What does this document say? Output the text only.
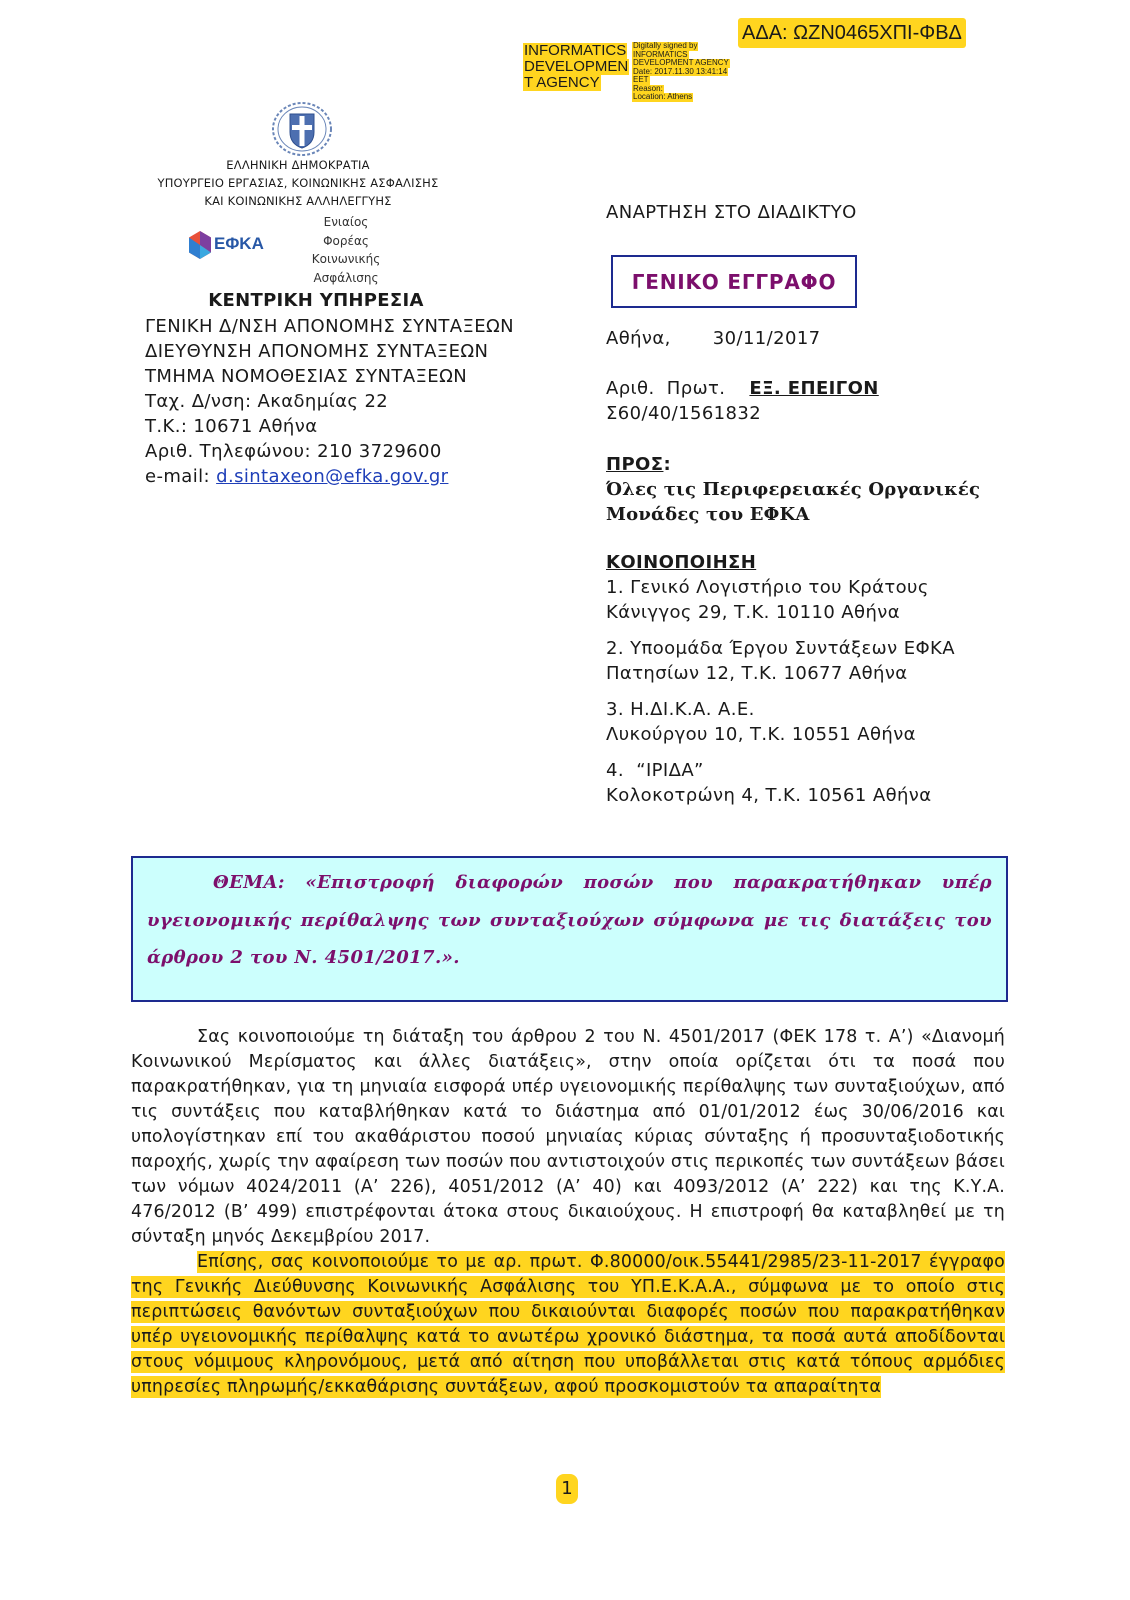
ΑΔΑ: ΩΖΝ0465ΧΠΙ-ΦΒΔ
INFORMATICS
DEVELOPMEN
T AGENCY
Digitally signed by
INFORMATICS
DEVELOPMENT AGENCY
Date: 2017.11.30 13:41:14
EET
Reason:
Location: Athens
ΕΛΛΗΝΙΚΗ ΔΗΜΟΚΡΑΤΙΑ
ΥΠΟΥΡΓΕΙΟ ΕΡΓΑΣΙΑΣ, ΚΟΙΝΩΝΙΚΗΣ ΑΣΦΑΛΙΣΗΣ
ΚΑΙ ΚΟΙΝΩΝΙΚΗΣ ΑΛΛΗΛΕΓΓΥΗΣ
ΕΦΚΑ
Ενιαίος
Φορέας
Κοινωνικής
Ασφάλισης
ΚΕΝΤΡΙΚΗ ΥΠΗΡΕΣΙΑ
ΓΕΝΙΚΗ Δ/ΝΣΗ ΑΠΟΝΟΜΗΣ ΣΥΝΤΑΞΕΩΝ
ΔΙΕΥΘΥΝΣΗ ΑΠΟΝΟΜΗΣ ΣΥΝΤΑΞΕΩΝ
ΤΜΗΜΑ ΝΟΜΟΘΕΣΙΑΣ ΣΥΝΤΑΞΕΩΝ
Ταχ. Δ/νση: Ακαδημίας 22
Τ.Κ.: 10671 Αθήνα
Αριθ. Τηλεφώνου: 210 3729600
e-mail: d.sintaxeon@efka.gov.gr
ΑΝΑΡΤΗΣΗ ΣΤΟ ΔΙΑΔΙΚΤΥΟ
ΓΕΝΙΚΟ ΕΓΓΡΑΦΟ
Αθήνα, 30/11/2017
Αριθ.  Πρωτ. ΕΞ. ΕΠΕΙΓΟΝ
Σ60/40/1561832
ΠΡΟΣ:
Όλες τις Περιφερειακές Οργανικές
Μονάδες του ΕΦΚΑ
ΚΟΙΝΟΠΟΙΗΣΗ
1. Γενικό Λογιστήριο του Κράτους
Κάνιγγος 29, Τ.Κ. 10110 Αθήνα
2. Υποομάδα Έργου Συντάξεων ΕΦΚΑ
Πατησίων 12, Τ.Κ. 10677 Αθήνα
3. Η.ΔΙ.Κ.Α. Α.Ε.
Λυκούργου 10, Τ.Κ. 10551 Αθήνα
4.  “ΙΡΙΔΑ”
Κολοκοτρώνη 4, Τ.Κ. 10561 Αθήνα

ΘΕΜΑ: «Επιστροφή διαφορών ποσών που παρακρατήθηκαν υπέρ υγειονομικής περίθαλψης των συνταξιούχων σύμφωνα με τις διατάξεις του άρθρου 2 του Ν. 4501/2017.».

Σας κοινοποιούμε τη διάταξη του άρθρου 2 του Ν. 4501/2017 (ΦΕΚ 178 τ. Α’) «Διανομή Κοινωνικού Μερίσματος και άλλες διατάξεις», στην οποία ορίζεται ότι τα ποσά που παρακρατήθηκαν, για τη μηνιαία εισφορά υπέρ υγειονομικής περίθαλψης των συνταξιούχων, από τις συντάξεις που καταβλήθηκαν κατά το διάστημα από 01/01/2012 έως 30/06/2016 και υπολογίστηκαν επί του ακαθάριστου ποσού μηνιαίας κύριας σύνταξης ή προσυνταξιοδοτικής παροχής, χωρίς την αφαίρεση των ποσών που αντιστοιχούν στις περικοπές των συντάξεων βάσει των νόμων 4024/2011 (Α’ 226), 4051/2012 (Α’ 40) και 4093/2012 (Α’ 222) και της Κ.Υ.Α. 476/2012 (Β’ 499) επιστρέφονται άτοκα στους δικαιούχους. Η επιστροφή θα καταβληθεί με τη σύνταξη μηνός Δεκεμβρίου 2017.

Επίσης, σας κοινοποιούμε το με αρ. πρωτ. Φ.80000/οικ.55441/2985/23-11-2017 έγγραφο της Γενικής Διεύθυνσης Κοινωνικής Ασφάλισης του ΥΠ.Ε.Κ.Α.Α., σύμφωνα με το οποίο στις περιπτώσεις θανόντων συνταξιούχων που δικαιούνται διαφορές ποσών που παρακρατήθηκαν υπέρ υγειονομικής περίθαλψης κατά το ανωτέρω χρονικό διάστημα, τα ποσά αυτά αποδίδονται στους νόμιμους κληρονόμους, μετά από αίτηση που υποβάλλεται στις κατά τόπους αρμόδιες υπηρεσίες πληρωμής/εκκαθάρισης συντάξεων, αφού προσκομιστούν τα απαραίτητα

1
